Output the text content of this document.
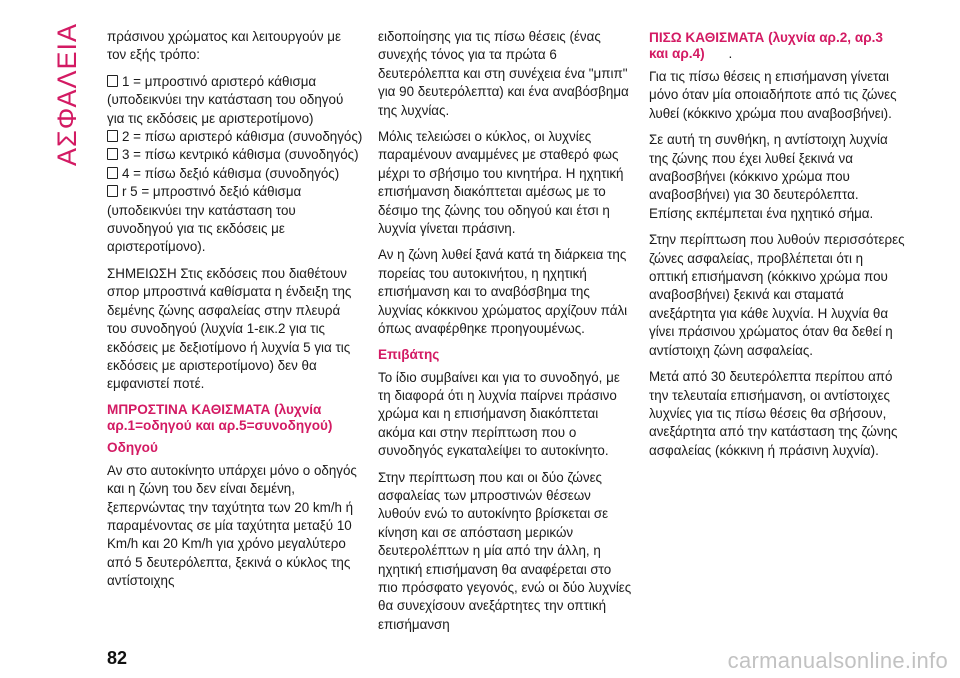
ΑΣΦΑΛΕΙΑ πράσινου χρώματος και λειτουργούν με τον εξής τρόπο:

1 = μπροστινό αριστερό κάθισμα (υποδεικνύει την κατάσταση του οδηγού για τις εκδόσεις με αριστεροτίμονο)
2 = πίσω αριστερό κάθισμα (συνοδηγός)
3 = πίσω κεντρικό κάθισμα (συνοδηγός)
4 = πίσω δεξιό κάθισμα (συνοδηγός)
r 5 = μπροστινό δεξιό κάθισμα (υποδεικνύει την κατάσταση του συνοδηγού για τις εκδόσεις με αριστεροτίμονο).

ΣΗΜΕΙΩΣΗ Στις εκδόσεις που διαθέτουν σπορ μπροστινά καθίσματα η ένδειξη της δεμένης ζώνης ασφαλείας στην πλευρά του συνοδηγού (λυχνία 1-εικ.2 για τις εκδόσεις με δεξιοτίμονο ή λυχνία 5 για τις εκδόσεις με αριστεροτίμονο) δεν θα εμφανιστεί ποτέ.

ΜΠΡΟΣΤΙΝΑ ΚΑΘΙΣΜΑΤΑ (λυχνία αρ.1=οδηγού και αρ.5=συνοδηγού)
Οδηγού

Αν στο αυτοκίνητο υπάρχει μόνο ο οδηγός και η ζώνη του δεν είναι δεμένη, ξεπερνώντας την ταχύτητα των 20 km/h ή παραμένοντας σε μία ταχύτητα μεταξύ 10 Km/h και 20 Km/h για χρόνο μεγαλύτερο από 5 δευτερόλεπτα, ξεκινά ο κύκλος της αντίστοιχης

ειδοποίησης για τις πίσω θέσεις (ένας συνεχής τόνος για τα πρώτα 6 δευτερόλεπτα και στη συνέχεια ένα "μπιπ" για 90 δευτερόλεπτα) και ένα αναβόσβημα της λυχνίας.

Μόλις τελειώσει ο κύκλος, οι λυχνίες παραμένουν αναμμένες με σταθερό φως μέχρι το σβήσιμο του κινητήρα. Η ηχητική επισήμανση διακόπτεται αμέσως με το δέσιμο της ζώνης του οδηγού και έτσι η λυχνία γίνεται πράσινη.

Αν η ζώνη λυθεί ξανά κατά τη διάρκεια της πορείας του αυτοκινήτου, η ηχητική επισήμανση και το αναβόσβημα της λυχνίας κόκκινου χρώματος αρχίζουν πάλι όπως αναφέρθηκε προηγουμένως.

Επιβάτης

Το ίδιο συμβαίνει και για το συνοδηγό, με τη διαφορά ότι η λυχνία παίρνει πράσινο χρώμα και η επισήμανση διακόπτεται ακόμα και στην περίπτωση που ο συνοδηγός εγκαταλείψει το αυτοκίνητο.

Στην περίπτωση που και οι δύο ζώνες ασφαλείας των μπροστινών θέσεων λυθούν ενώ το αυτοκίνητο βρίσκεται σε κίνηση και σε απόσταση μερικών δευτερολέπτων η μία από την άλλη, η ηχητική επισήμανση θα αναφέρεται στο πιο πρόσφατο γεγονός, ενώ οι δύο λυχνίες θα συνεχίσουν ανεξάρτητες την οπτική επισήμανση

ΠΙΣΩ ΚΑΘΙΣΜΑΤΑ (λυχνία αρ.2, αρ.3 και αρ.4) .

Για τις πίσω θέσεις η επισήμανση γίνεται μόνο όταν μία οποιαδήποτε από τις ζώνες λυθεί (κόκκινο χρώμα που αναβοσβήνει).

Σε αυτή τη συνθήκη, η αντίστοιχη λυχνία της ζώνης που έχει λυθεί ξεκινά να αναβοσβήνει (κόκκινο χρώμα που αναβοσβήνει) για 30 δευτερόλεπτα. Επίσης εκπέμπεται ένα ηχητικό σήμα.

Στην περίπτωση που λυθούν περισσότερες ζώνες ασφαλείας, προβλέπεται ότι η οπτική επισήμανση (κόκκινο χρώμα που αναβοσβήνει) ξεκινά και σταματά ανεξάρτητα για κάθε λυχνία. Η λυχνία θα γίνει πράσινου χρώματος όταν θα δεθεί η αντίστοιχη ζώνη ασφαλείας.

Μετά από 30 δευτερόλεπτα περίπου από την τελευταία επισήμανση, οι αντίστοιχες λυχνίες για τις πίσω θέσεις θα σβήσουν, ανεξάρτητα από την κατάσταση της ζώνης ασφαλείας (κόκκινη ή πράσινη λυχνία).

82	carmanualsonline.info
